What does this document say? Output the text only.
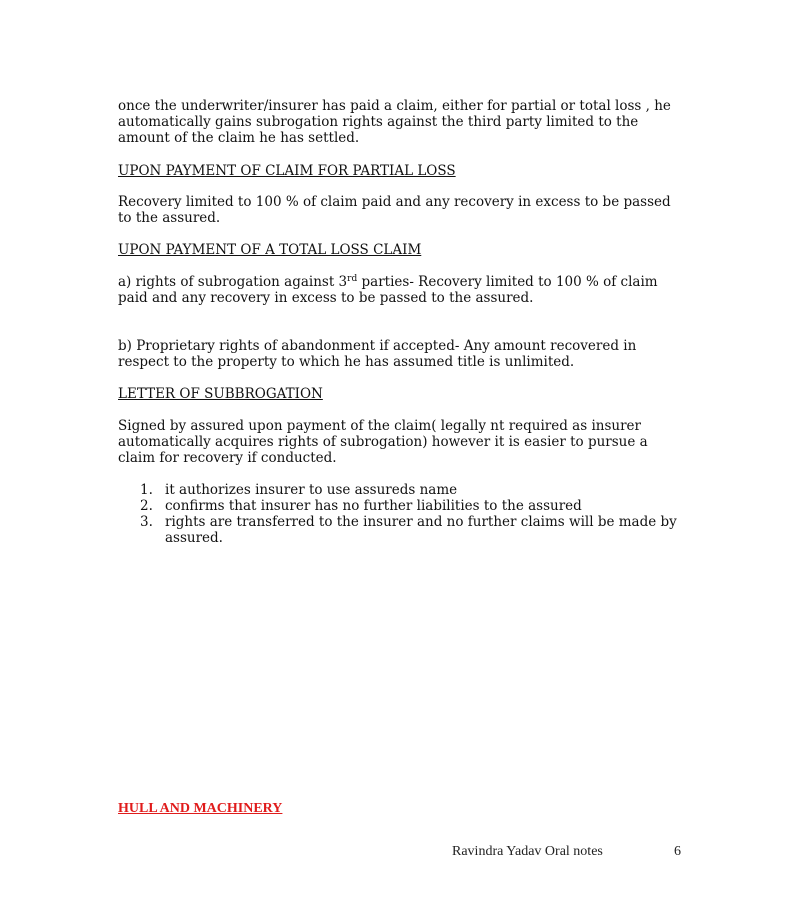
once the underwriter/insurer has paid a claim, either for partial or total loss , he automatically gains subrogation rights against the third party limited to the amount of the claim he has settled.

UPON PAYMENT OF CLAIM FOR PARTIAL LOSS

Recovery limited to 100 % of claim paid and any recovery in excess to be passed to the assured.

UPON PAYMENT OF A TOTAL LOSS CLAIM

a) rights of subrogation against 3rd parties- Recovery limited to 100 % of claim paid and any recovery in excess to be passed to the assured.

b) Proprietary rights of abandonment if accepted- Any amount recovered in respect to the property to which he has assumed title is unlimited.

LETTER OF SUBBROGATION

Signed by assured upon payment of the claim( legally nt required as insurer automatically acquires rights of subrogation) however it is easier to pursue a claim for recovery if conducted.

1. it authorizes insurer to use assureds name
2. confirms that insurer has no further liabilities to the assured
3. rights are transferred to the insurer and no further claims will be made by assured.

HULL AND MACHINERY

Ravindra Yadav Oral notes	6
